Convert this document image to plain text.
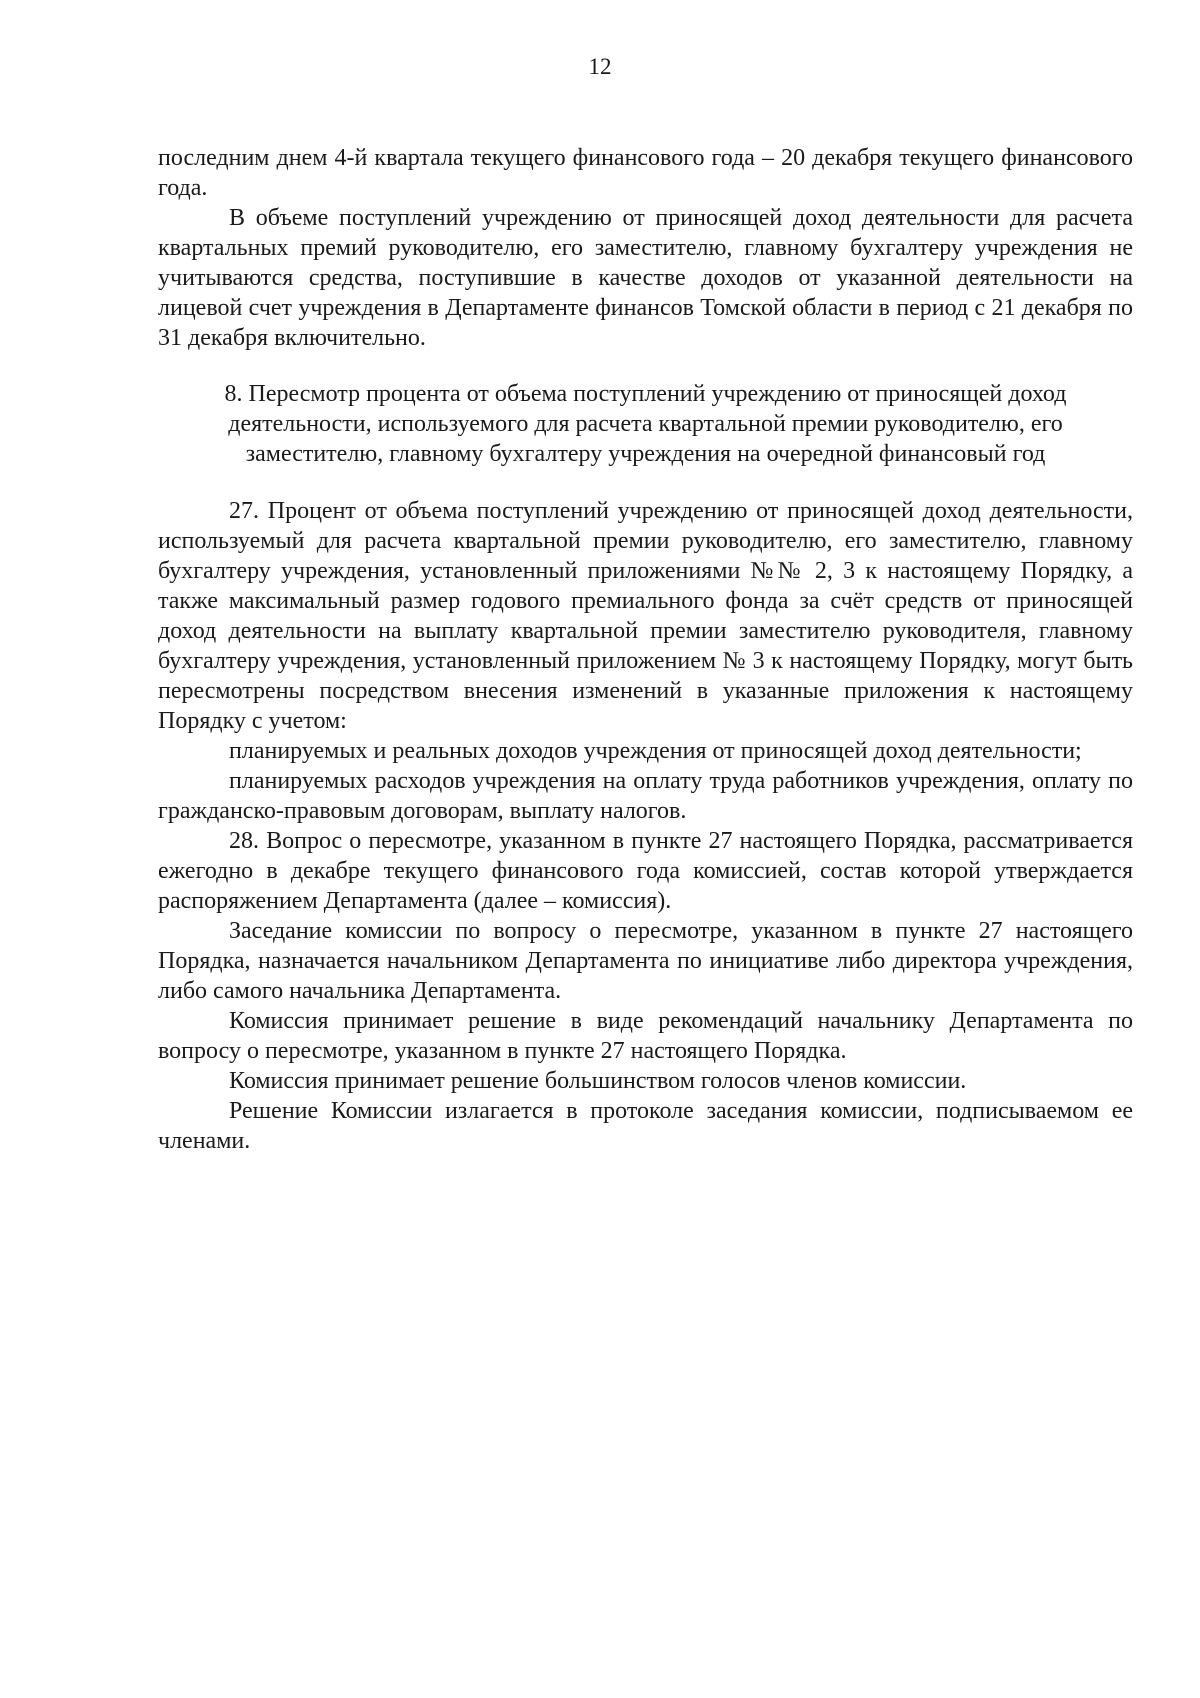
12

последним днем 4-й квартала текущего финансового года – 20 декабря текущего финансового года.

В объеме поступлений учреждению от приносящей доход деятельности для расчета квартальных премий руководителю, его заместителю, главному бухгалтеру учреждения не учитываются средства, поступившие в качестве доходов от указанной деятельности на лицевой счет учреждения в Департаменте финансов Томской области в период с 21 декабря по 31 декабря включительно.

8. Пересмотр процента от объема поступлений учреждению от приносящей доход деятельности, используемого для расчета квартальной премии руководителю, его заместителю, главному бухгалтеру учреждения на очередной финансовый год

27. Процент от объема поступлений учреждению от приносящей доход деятельности, используемый для расчета квартальной премии руководителю, его заместителю, главному бухгалтеру учреждения, установленный приложениями №№ 2, 3 к настоящему Порядку, а также максимальный размер годового премиального фонда за счёт средств от приносящей доход деятельности на выплату квартальной премии заместителю руководителя, главному бухгалтеру учреждения, установленный приложением № 3 к настоящему Порядку, могут быть пересмотрены посредством внесения изменений в указанные приложения к настоящему Порядку с учетом:

планируемых и реальных доходов учреждения от приносящей доход деятельности;

планируемых расходов учреждения на оплату труда работников учреждения, оплату по гражданско-правовым договорам, выплату налогов.

28. Вопрос о пересмотре, указанном в пункте 27 настоящего Порядка, рассматривается ежегодно в декабре текущего финансового года комиссией, состав которой утверждается распоряжением Департамента (далее – комиссия).

Заседание комиссии по вопросу о пересмотре, указанном в пункте 27 настоящего Порядка, назначается начальником Департамента по инициативе либо директора учреждения, либо самого начальника Департамента.

Комиссия принимает решение в виде рекомендаций начальнику Департамента по вопросу о пересмотре, указанном в пункте 27 настоящего Порядка.

Комиссия принимает решение большинством голосов членов комиссии.

Решение Комиссии излагается в протоколе заседания комиссии, подписываемом ее членами.
